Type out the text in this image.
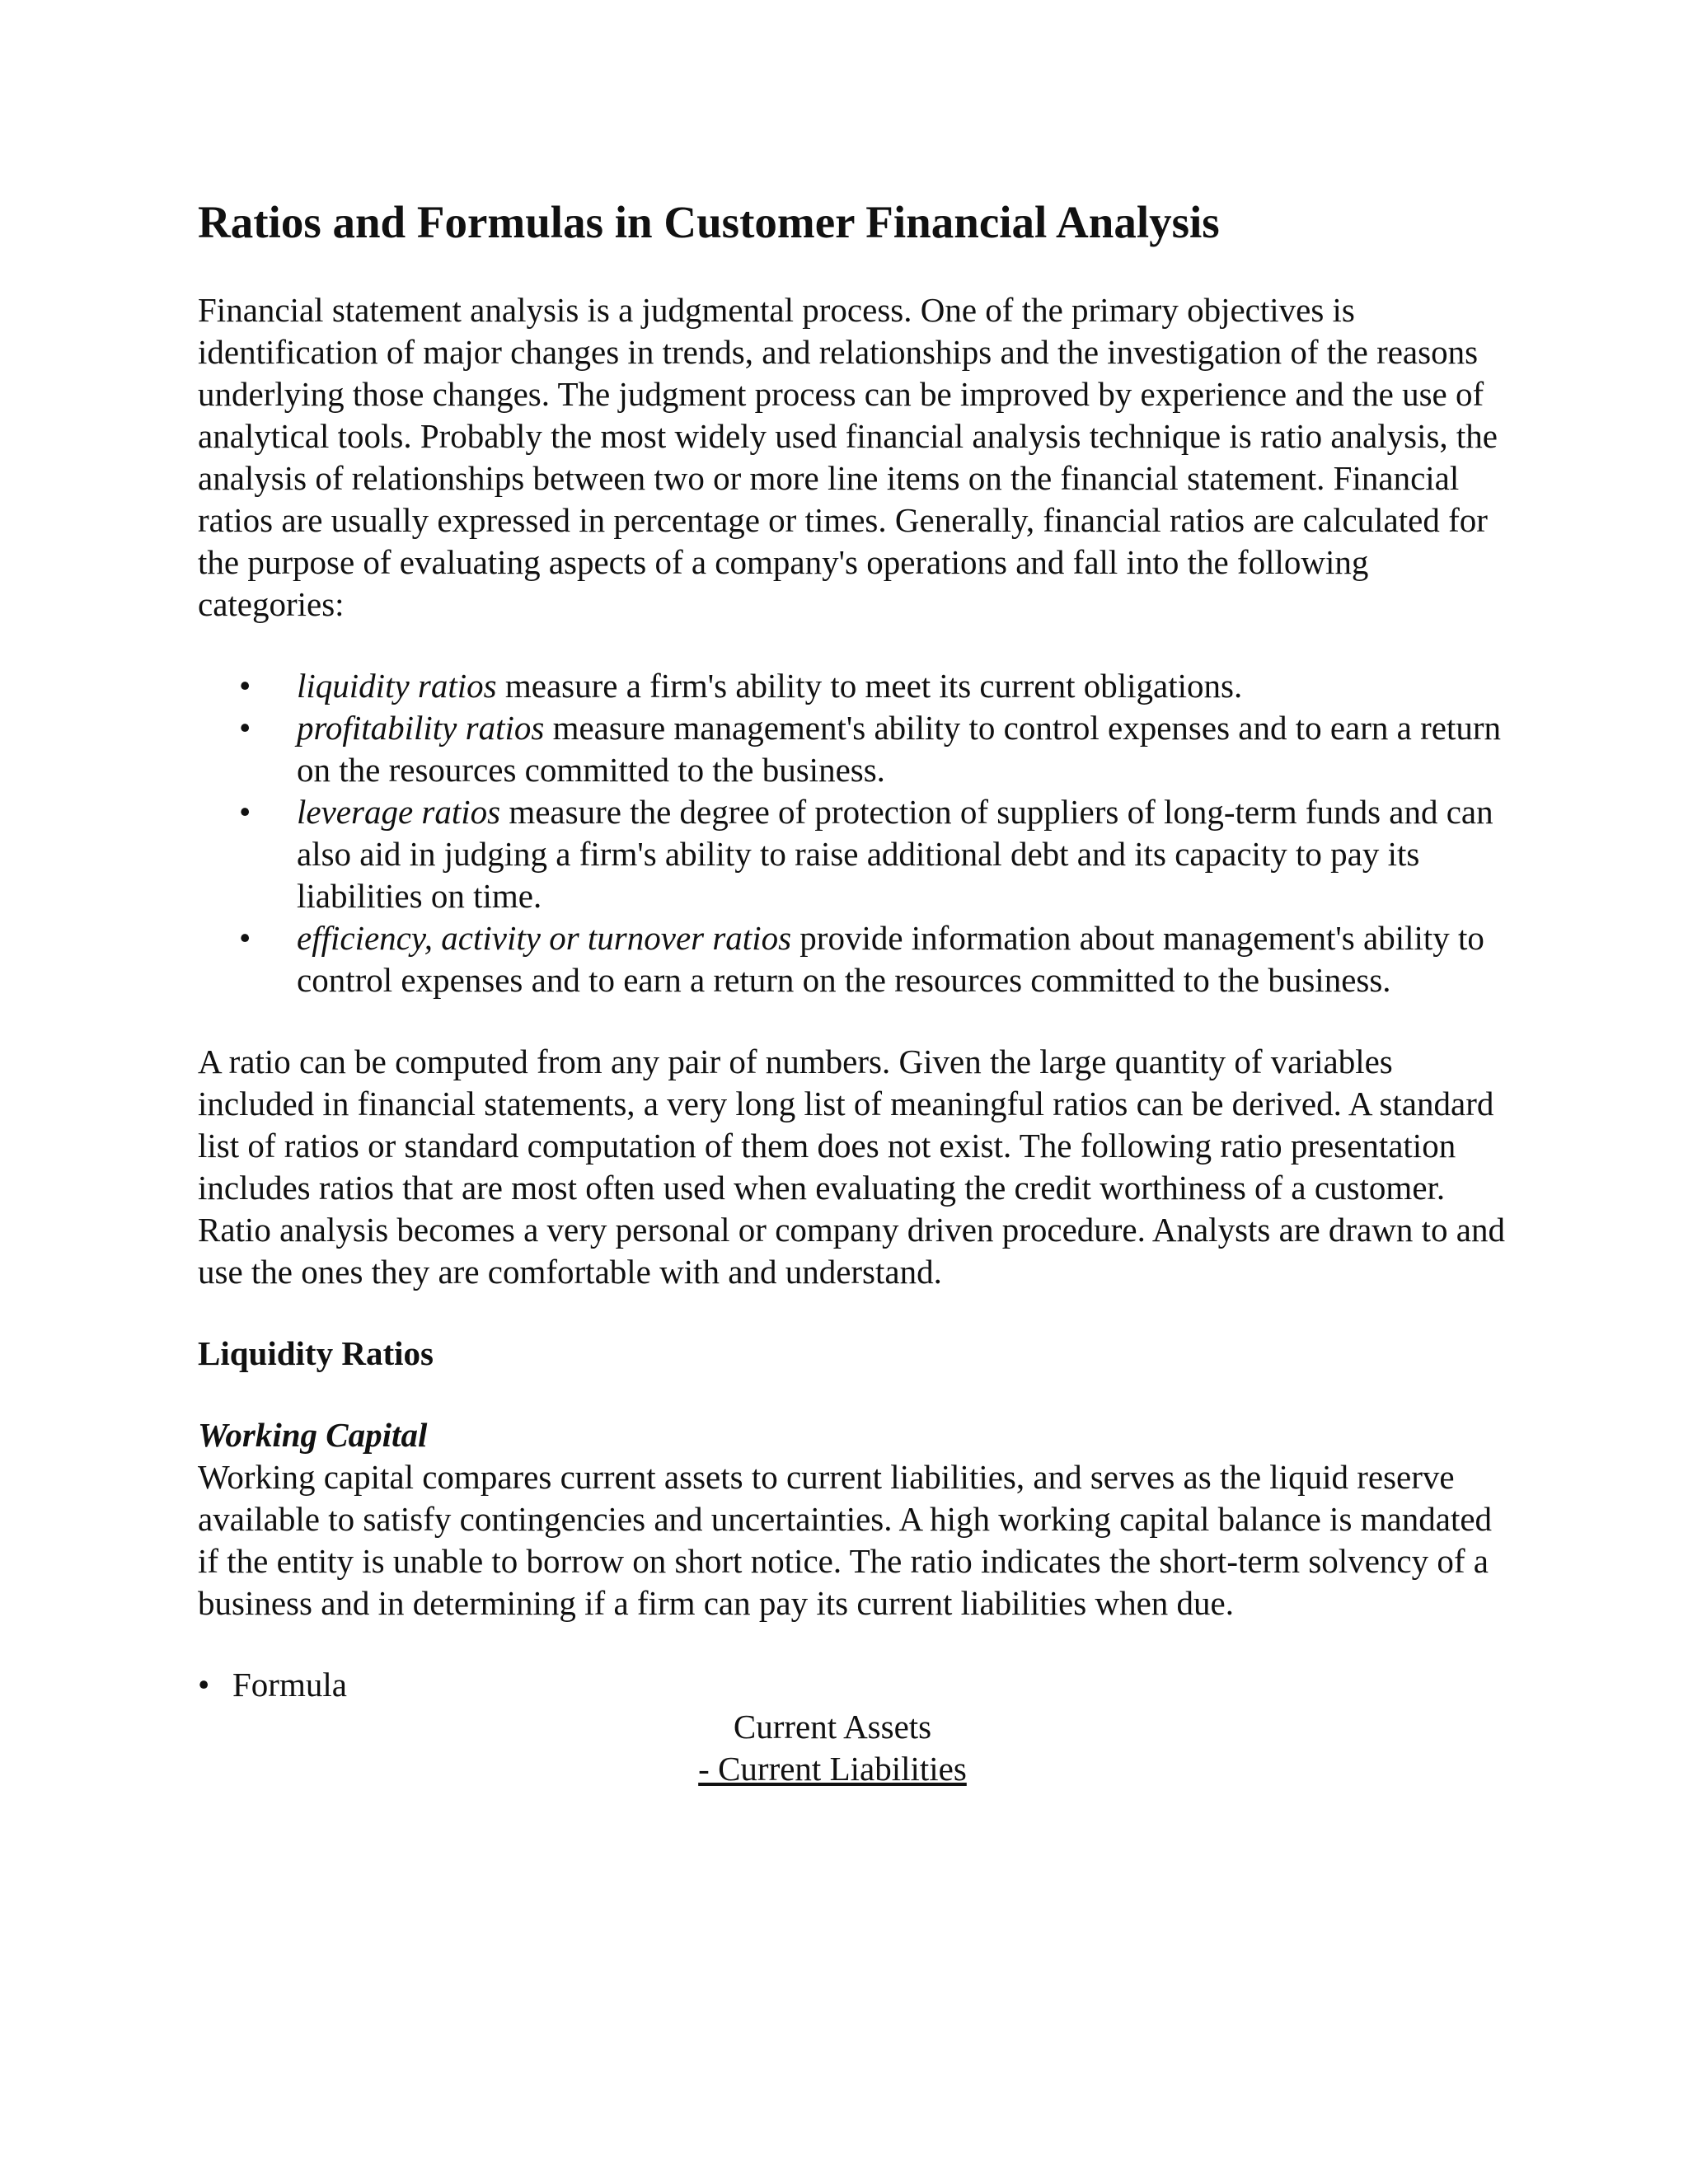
Ratios and Formulas in Customer Financial Analysis

Financial statement analysis is a judgmental process. One of the primary objectives is identification of major changes in trends, and relationships and the investigation of the reasons underlying those changes. The judgment process can be improved by experience and the use of analytical tools. Probably the most widely used financial analysis technique is ratio analysis, the analysis of relationships between two or more line items on the financial statement. Financial ratios are usually expressed in percentage or times. Generally, financial ratios are calculated for the purpose of evaluating aspects of a company's operations and fall into the following categories:

• liquidity ratios measure a firm's ability to meet its current obligations.
• profitability ratios measure management's ability to control expenses and to earn a return on the resources committed to the business.
• leverage ratios measure the degree of protection of suppliers of long-term funds and can also aid in judging a firm's ability to raise additional debt and its capacity to pay its liabilities on time.
• efficiency, activity or turnover ratios provide information about management's ability to control expenses and to earn a return on the resources committed to the business.

A ratio can be computed from any pair of numbers. Given the large quantity of variables included in financial statements, a very long list of meaningful ratios can be derived. A standard list of ratios or standard computation of them does not exist. The following ratio presentation includes ratios that are most often used when evaluating the credit worthiness of a customer. Ratio analysis becomes a very personal or company driven procedure. Analysts are drawn to and use the ones they are comfortable with and understand.

Liquidity Ratios
Working Capital

Working capital compares current assets to current liabilities, and serves as the liquid reserve available to satisfy contingencies and uncertainties. A high working capital balance is mandated if the entity is unable to borrow on short notice. The ratio indicates the short-term solvency of a business and in determining if a firm can pay its current liabilities when due.

• Formula
Current Assets
- Current Liabilities
